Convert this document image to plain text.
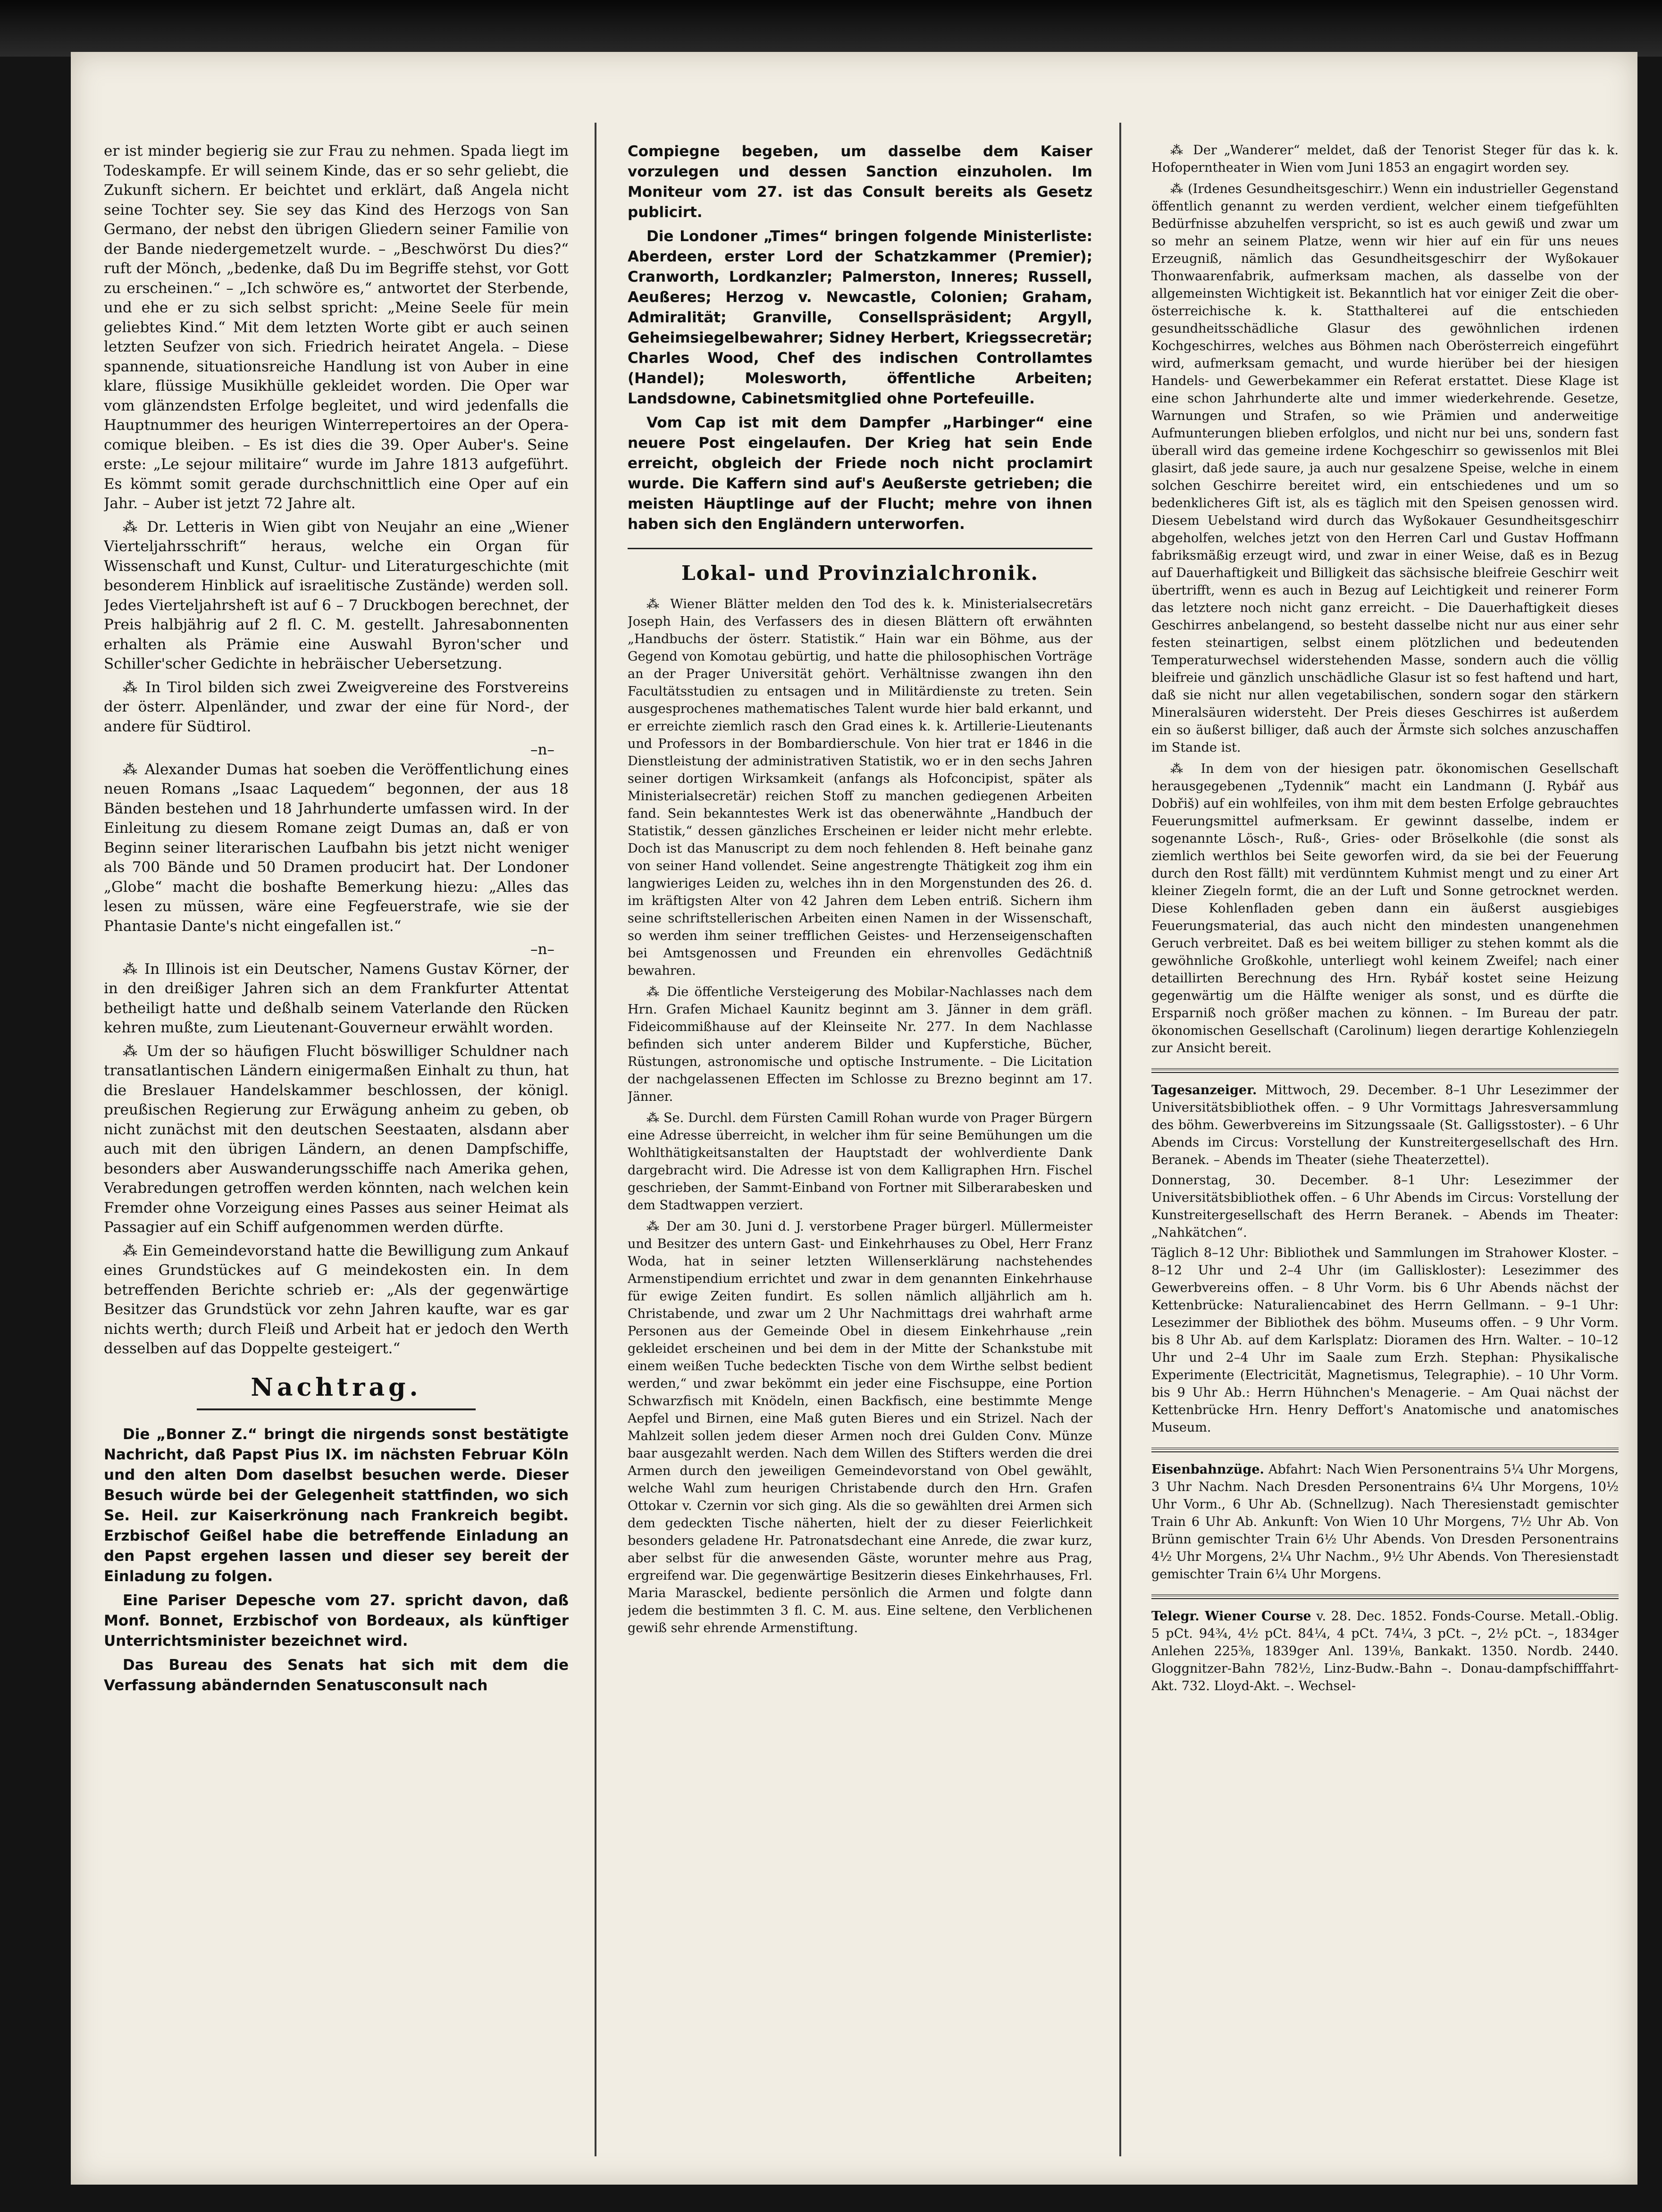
er ist minder begierig sie zur Frau zu nehmen. Spada liegt im Todeskampfe. Er will seinem Kinde, das er so sehr geliebt, die Zukunft sichern. Er beichtet und erklärt, daß Angela nicht seine Tochter sey. Sie sey das Kind des Herzogs von San Germano, der nebst den übrigen Gliedern seiner Familie von der Bande niedergemetzelt wurde. – „Beschwörst Du dies?“ ruft der Mönch, „bedenke, daß Du im Begriffe stehst, vor Gott zu erscheinen.“ – „Ich schwöre es,“ antwortet der Sterbende, und ehe er zu sich selbst spricht: „Meine Seele für mein geliebtes Kind.“ Mit dem letzten Worte gibt er auch seinen letzten Seufzer von sich. Friedrich heiratet Angela. – Diese spannende, situationsreiche Handlung ist von Auber in eine klare, flüssige Musikhülle gekleidet worden. Die Oper war vom glänzendsten Erfolge begleitet, und wird jedenfalls die Hauptnummer des heurigen Winterrepertoires an der Opera-comique bleiben. – Es ist dies die 39. Oper Auber's. Seine erste: „Le sejour militaire“ wurde im Jahre 1813 aufgeführt. Es kömmt somit gerade durchschnittlich eine Oper auf ein Jahr. – Auber ist jetzt 72 Jahre alt.

⁂ Dr. Letteris in Wien gibt von Neujahr an eine „Wiener Vierteljahrsschrift“ heraus, welche ein Organ für Wissenschaft und Kunst, Cultur- und Literaturgeschichte (mit besonderem Hinblick auf israelitische Zustände) werden soll. Jedes Vierteljahrsheft ist auf 6 – 7 Druckbogen berechnet, der Preis halbjährig auf 2 fl. C. M. gestellt. Jahresabonnenten erhalten als Prämie eine Auswahl Byron'scher und Schiller'scher Gedichte in hebräischer Uebersetzung.

⁂ In Tirol bilden sich zwei Zweigvereine des Forstvereins der österr. Alpenländer, und zwar der eine für Nord-, der andere für Südtirol.

–n–

⁂ Alexander Dumas hat soeben die Veröffentlichung eines neuen Romans „Isaac Laquedem“ begonnen, der aus 18 Bänden bestehen und 18 Jahrhunderte umfassen wird. In der Einleitung zu diesem Romane zeigt Dumas an, daß er von Beginn seiner literarischen Laufbahn bis jetzt nicht weniger als 700 Bände und 50 Dramen producirt hat. Der Londoner „Globe“ macht die boshafte Bemerkung hiezu: „Alles das lesen zu müssen, wäre eine Fegfeuerstrafe, wie sie der Phantasie Dante's nicht eingefallen ist.“

–n–

⁂ In Illinois ist ein Deutscher, Namens Gustav Körner, der in den dreißiger Jahren sich an dem Frankfurter Attentat betheiligt hatte und deßhalb seinem Vaterlande den Rücken kehren mußte, zum Lieutenant-Gouverneur erwählt worden.

⁂ Um der so häufigen Flucht böswilliger Schuldner nach transatlantischen Ländern einigermaßen Einhalt zu thun, hat die Breslauer Handelskammer beschlossen, der königl. preußischen Regierung zur Erwägung anheim zu geben, ob nicht zunächst mit den deutschen Seestaaten, alsdann aber auch mit den übrigen Ländern, an denen Dampfschiffe, besonders aber Auswanderungsschiffe nach Amerika gehen, Verabredungen getroffen werden könnten, nach welchen kein Fremder ohne Vorzeigung eines Passes aus seiner Heimat als Passagier auf ein Schiff aufgenommen werden dürfte.

⁂ Ein Gemeindevorstand hatte die Bewilligung zum Ankauf eines Grundstückes auf G meindekosten ein. In dem betreffenden Berichte schrieb er: „Als der gegenwärtige Besitzer das Grundstück vor zehn Jahren kaufte, war es gar nichts werth; durch Fleiß und Arbeit hat er jedoch den Werth desselben auf das Doppelte gesteigert.“

Nachtrag.

Die „Bonner Z.“ bringt die nirgends sonst bestätigte Nachricht, daß Papst Pius IX. im nächsten Februar Köln und den alten Dom daselbst besuchen werde. Dieser Besuch würde bei der Gelegenheit stattfinden, wo sich Se. Heil. zur Kaiserkrönung nach Frankreich begibt. Erzbischof Geißel habe die betreffende Einladung an den Papst ergehen lassen und dieser sey bereit der Einladung zu folgen.

Eine Pariser Depesche vom 27. spricht davon, daß Monf. Bonnet, Erzbischof von Bordeaux, als künftiger Unterrichtsminister bezeichnet wird.

Das Bureau des Senats hat sich mit dem die Verfassung abändernden Senatusconsult nach

Compiegne begeben, um dasselbe dem Kaiser vorzulegen und dessen Sanction einzuholen. Im Moniteur vom 27. ist das Consult bereits als Gesetz publicirt.

Die Londoner „Times“ bringen folgende Ministerliste: Aberdeen, erster Lord der Schatzkammer (Premier); Cranworth, Lordkanzler; Palmerston, Inneres; Russell, Aeußeres; Herzog v. Newcastle, Colonien; Graham, Admiralität; Granville, Consellspräsident; Argyll, Geheimsiegelbewahrer; Sidney Herbert, Kriegssecretär; Charles Wood, Chef des indischen Controllamtes (Handel); Molesworth, öffentliche Arbeiten; Landsdowne, Cabinetsmitglied ohne Portefeuille.

Vom Cap ist mit dem Dampfer „Harbinger“ eine neuere Post eingelaufen. Der Krieg hat sein Ende erreicht, obgleich der Friede noch nicht proclamirt wurde. Die Kaffern sind auf's Aeußerste getrieben; die meisten Häuptlinge auf der Flucht; mehre von ihnen haben sich den Engländern unterworfen.

Lokal- und Provinzialchronik.

⁂ Wiener Blätter melden den Tod des k. k. Ministerialsecretärs Joseph Hain, des Verfassers des in diesen Blättern oft erwähnten „Handbuchs der österr. Statistik.“ Hain war ein Böhme, aus der Gegend von Komotau gebürtig, und hatte die philosophischen Vorträge an der Prager Universität gehört. Verhältnisse zwangen ihn den Facultätsstudien zu entsagen und in Militärdienste zu treten. Sein ausgesprochenes mathematisches Talent wurde hier bald erkannt, und er erreichte ziemlich rasch den Grad eines k. k. Artillerie-Lieutenants und Professors in der Bombardierschule. Von hier trat er 1846 in die Dienstleistung der administrativen Statistik, wo er in den sechs Jahren seiner dortigen Wirksamkeit (anfangs als Hofconcipist, später als Ministerialsecretär) reichen Stoff zu manchen gediegenen Arbeiten fand. Sein bekanntestes Werk ist das obenerwähnte „Handbuch der Statistik,“ dessen gänzliches Erscheinen er leider nicht mehr erlebte. Doch ist das Manuscript zu dem noch fehlenden 8. Heft beinahe ganz von seiner Hand vollendet. Seine angestrengte Thätigkeit zog ihm ein langwieriges Leiden zu, welches ihn in den Morgenstunden des 26. d. im kräftigsten Alter von 42 Jahren dem Leben entriß. Sichern ihm seine schriftstellerischen Arbeiten einen Namen in der Wissenschaft, so werden ihm seiner trefflichen Geistes- und Herzenseigenschaften bei Amtsgenossen und Freunden ein ehrenvolles Gedächtniß bewahren.

⁂ Die öffentliche Versteigerung des Mobilar-Nachlasses nach dem Hrn. Grafen Michael Kaunitz beginnt am 3. Jänner in dem gräfl. Fideicommißhause auf der Kleinseite Nr. 277. In dem Nachlasse befinden sich unter anderem Bilder und Kupferstiche, Bücher, Rüstungen, astronomische und optische Instrumente. – Die Licitation der nachgelassenen Effecten im Schlosse zu Brezno beginnt am 17. Jänner.

⁂ Se. Durchl. dem Fürsten Camill Rohan wurde von Prager Bürgern eine Adresse überreicht, in welcher ihm für seine Bemühungen um die Wohlthätigkeitsanstalten der Hauptstadt der wohlverdiente Dank dargebracht wird. Die Adresse ist von dem Kalligraphen Hrn. Fischel geschrieben, der Sammt-Einband von Fortner mit Silberarabesken und dem Stadtwappen verziert.

⁂ Der am 30. Juni d. J. verstorbene Prager bürgerl. Müllermeister und Besitzer des untern Gast- und Einkehrhauses zu Obel, Herr Franz Woda, hat in seiner letzten Willenserklärung nachstehendes Armenstipendium errichtet und zwar in dem genannten Einkehrhause für ewige Zeiten fundirt. Es sollen nämlich alljährlich am h. Christabende, und zwar um 2 Uhr Nachmittags drei wahrhaft arme Personen aus der Gemeinde Obel in diesem Einkehrhause „rein gekleidet erscheinen und bei dem in der Mitte der Schankstube mit einem weißen Tuche bedeckten Tische von dem Wirthe selbst bedient werden,“ und zwar bekömmt ein jeder eine Fischsuppe, eine Portion Schwarzfisch mit Knödeln, einen Backfisch, eine bestimmte Menge Aepfel und Birnen, eine Maß guten Bieres und ein Strizel. Nach der Mahlzeit sollen jedem dieser Armen noch drei Gulden Conv. Münze baar ausgezahlt werden. Nach dem Willen des Stifters werden die drei Armen durch den jeweiligen Gemeindevorstand von Obel gewählt, welche Wahl zum heurigen Christabende durch den Hrn. Grafen Ottokar v. Czernin vor sich ging. Als die so gewählten drei Armen sich dem gedeckten Tische näherten, hielt der zu dieser Feierlichkeit besonders geladene Hr. Patronatsdechant eine Anrede, die zwar kurz, aber selbst für die anwesenden Gäste, worunter mehre aus Prag, ergreifend war. Die gegenwärtige Besitzerin dieses Einkehrhauses, Frl. Maria Marasckel, bediente persönlich die Armen und folgte dann jedem die bestimmten 3 fl. C. M. aus. Eine seltene, den Verblichenen gewiß sehr ehrende Armenstiftung.

⁂ Der „Wanderer“ meldet, daß der Tenorist Steger für das k. k. Hofoperntheater in Wien vom Juni 1853 an engagirt worden sey.

⁂ (Irdenes Gesundheitsgeschirr.) Wenn ein industrieller Gegenstand öffentlich genannt zu werden verdient, welcher einem tiefgefühlten Bedürfnisse abzuhelfen verspricht, so ist es auch gewiß und zwar um so mehr an seinem Platze, wenn wir hier auf ein für uns neues Erzeugniß, nämlich das Gesundheitsgeschirr der Wyßokauer Thonwaarenfabrik, aufmerksam machen, als dasselbe von der allgemeinsten Wichtigkeit ist. Bekanntlich hat vor einiger Zeit die ober-österreichische k. k. Statthalterei auf die entschieden gesundheitsschädliche Glasur des gewöhnlichen irdenen Kochgeschirres, welches aus Böhmen nach Oberösterreich eingeführt wird, aufmerksam gemacht, und wurde hierüber bei der hiesigen Handels- und Gewerbekammer ein Referat erstattet. Diese Klage ist eine schon Jahrhunderte alte und immer wiederkehrende. Gesetze, Warnungen und Strafen, so wie Prämien und anderweitige Aufmunterungen blieben erfolglos, und nicht nur bei uns, sondern fast überall wird das gemeine irdene Kochgeschirr so gewissenlos mit Blei glasirt, daß jede saure, ja auch nur gesalzene Speise, welche in einem solchen Geschirre bereitet wird, ein entschiedenes und um so bedenklicheres Gift ist, als es täglich mit den Speisen genossen wird. Diesem Uebelstand wird durch das Wyßokauer Gesundheitsgeschirr abgeholfen, welches jetzt von den Herren Carl und Gustav Hoffmann fabriksmäßig erzeugt wird, und zwar in einer Weise, daß es in Bezug auf Dauerhaftigkeit und Billigkeit das sächsische bleifreie Geschirr weit übertrifft, wenn es auch in Bezug auf Leichtigkeit und reinerer Form das letztere noch nicht ganz erreicht. – Die Dauerhaftigkeit dieses Geschirres anbelangend, so besteht dasselbe nicht nur aus einer sehr festen steinartigen, selbst einem plötzlichen und bedeutenden Temperaturwechsel widerstehenden Masse, sondern auch die völlig bleifreie und gänzlich unschädliche Glasur ist so fest haftend und hart, daß sie nicht nur allen vegetabilischen, sondern sogar den stärkern Mineralsäuren widersteht. Der Preis dieses Geschirres ist außerdem ein so äußerst billiger, daß auch der Ärmste sich solches anzuschaffen im Stande ist.

⁂ In dem von der hiesigen patr. ökonomischen Gesellschaft herausgegebenen „Tydennik“ macht ein Landmann (J. Rybář aus Dobřiš) auf ein wohlfeiles, von ihm mit dem besten Erfolge gebrauchtes Feuerungsmittel aufmerksam. Er gewinnt dasselbe, indem er sogenannte Lösch-, Ruß-, Gries- oder Bröselkohle (die sonst als ziemlich werthlos bei Seite geworfen wird, da sie bei der Feuerung durch den Rost fällt) mit verdünntem Kuhmist mengt und zu einer Art kleiner Ziegeln formt, die an der Luft und Sonne getrocknet werden. Diese Kohlenfladen geben dann ein äußerst ausgiebiges Feuerungsmaterial, das auch nicht den mindesten unangenehmen Geruch verbreitet. Daß es bei weitem billiger zu stehen kommt als die gewöhnliche Großkohle, unterliegt wohl keinem Zweifel; nach einer detaillirten Berechnung des Hrn. Rybář kostet seine Heizung gegenwärtig um die Hälfte weniger als sonst, und es dürfte die Ersparniß noch größer machen zu können. – Im Bureau der patr. ökonomischen Gesellschaft (Carolinum) liegen derartige Kohlenziegeln zur Ansicht bereit.

Tagesanzeiger. Mittwoch, 29. December. 8–1 Uhr Lesezimmer der Universitätsbibliothek offen. – 9 Uhr Vormittags Jahresversammlung des böhm. Gewerbvereins im Sitzungssaale (St. Galligsstoster). – 6 Uhr Abends im Circus: Vorstellung der Kunstreitergesellschaft des Hrn. Beranek. – Abends im Theater (siehe Theaterzettel).

Donnerstag, 30. December. 8–1 Uhr: Lesezimmer der Universitätsbibliothek offen. – 6 Uhr Abends im Circus: Vorstellung der Kunstreitergesellschaft des Herrn Beranek. – Abends im Theater: „Nahkätchen“.

Täglich 8–12 Uhr: Bibliothek und Sammlungen im Strahower Kloster. – 8–12 Uhr und 2–4 Uhr (im Galliskloster): Lesezimmer des Gewerbvereins offen. – 8 Uhr Vorm. bis 6 Uhr Abends nächst der Kettenbrücke: Naturaliencabinet des Herrn Gellmann. – 9–1 Uhr: Lesezimmer der Bibliothek des böhm. Museums offen. – 9 Uhr Vorm. bis 8 Uhr Ab. auf dem Karlsplatz: Dioramen des Hrn. Walter. – 10–12 Uhr und 2–4 Uhr im Saale zum Erzh. Stephan: Physikalische Experimente (Electricität, Magnetismus, Telegraphie). – 10 Uhr Vorm. bis 9 Uhr Ab.: Herrn Hühnchen's Menagerie. – Am Quai nächst der Kettenbrücke Hrn. Henry Deffort's Anatomische und anatomisches Museum.

Eisenbahnzüge. Abfahrt: Nach Wien Personentrains 5¼ Uhr Morgens, 3 Uhr Nachm. Nach Dresden Personentrains 6¼ Uhr Morgens, 10½ Uhr Vorm., 6 Uhr Ab. (Schnellzug). Nach Theresienstadt gemischter Train 6 Uhr Ab. Ankunft: Von Wien 10 Uhr Morgens, 7½ Uhr Ab. Von Brünn gemischter Train 6½ Uhr Abends. Von Dresden Personentrains 4½ Uhr Morgens, 2¼ Uhr Nachm., 9½ Uhr Abends. Von Theresienstadt gemischter Train 6¼ Uhr Morgens.

Telegr. Wiener Course v. 28. Dec. 1852. Fonds-Course. Metall.-Oblig. 5 pCt. 94¾, 4½ pCt. 84¼, 4 pCt. 74¼, 3 pCt. –, 2½ pCt. –, 1834ger Anlehen 225⅜, 1839ger Anl. 139⅛, Bankakt. 1350. Nordb. 2440. Gloggnitzer-Bahn 782½, Linz-Budw.-Bahn –. Donau-dampfschifffahrt-Akt. 732. Lloyd-Akt. –. Wechsel-
